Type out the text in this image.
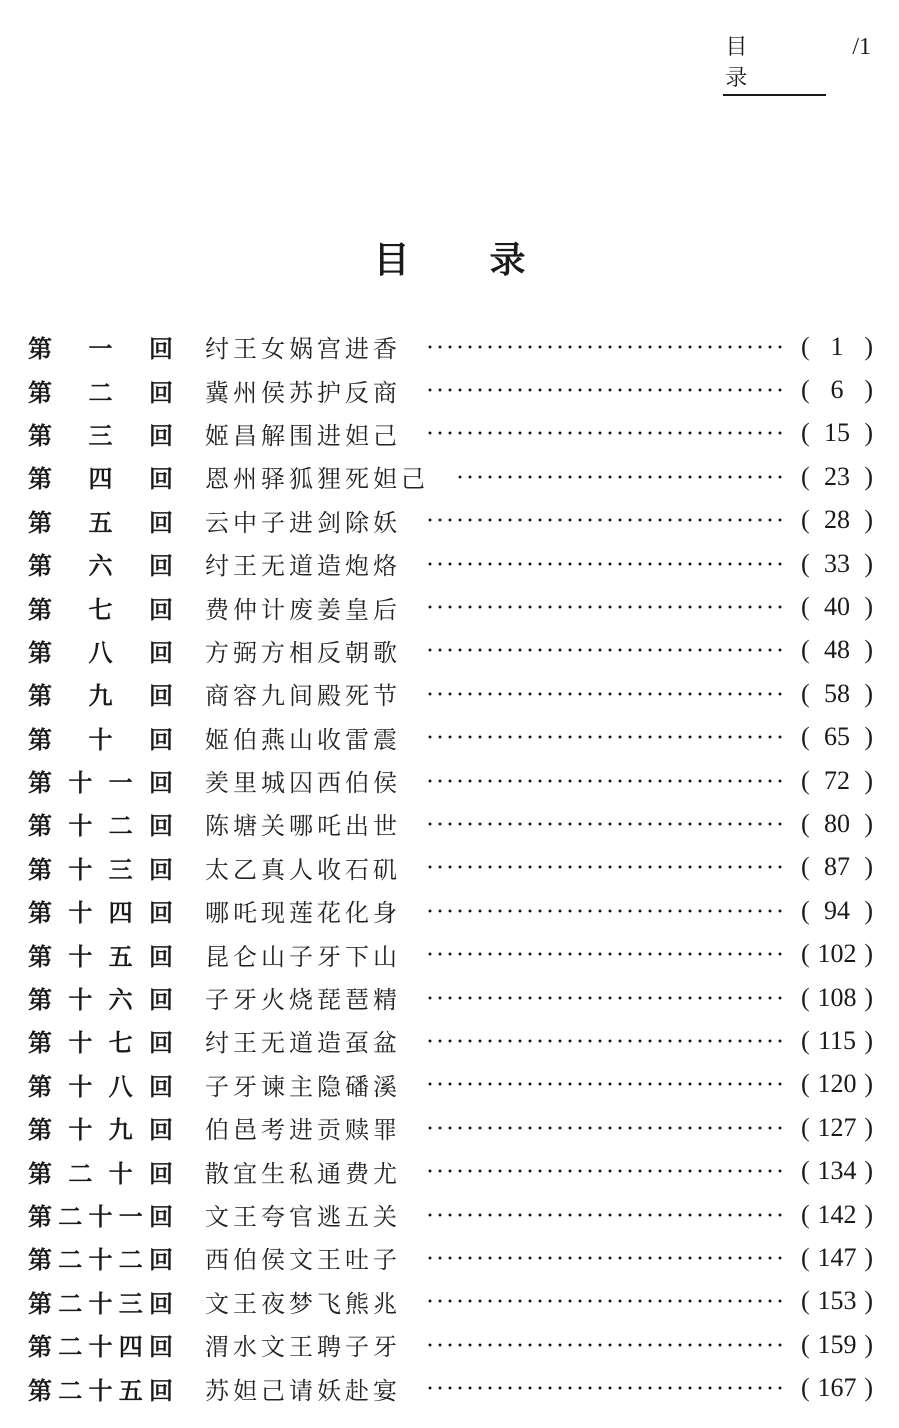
目 录
/1
目录
第 一 回 纣王女娲宫进香	( 1 )
第 二 回 冀州侯苏护反商	( 6 )
第 三 回 姬昌解围进妲己	( 15 )
第 四 回 恩州驿狐狸死妲己	( 23 )
第 五 回 云中子进剑除妖	( 28 )
第 六 回 纣王无道造炮烙	( 33 )
第 七 回 费仲计废姜皇后	( 40 )
第 八 回 方弼方相反朝歌	( 48 )
第 九 回 商容九间殿死节	( 58 )
第 十 回 姬伯燕山收雷震	( 65 )
第 十 一 回 羑里城囚西伯侯	( 72 )
第 十 二 回 陈塘关哪吒出世	( 80 )
第 十 三 回 太乙真人收石矶	( 87 )
第 十 四 回 哪吒现莲花化身	( 94 )
第 十 五 回 昆仑山子牙下山	( 102 )
第 十 六 回 子牙火烧琵琶精	( 108 )
第 十 七 回 纣王无道造虿盆	( 115 )
第 十 八 回 子牙谏主隐磻溪	( 120 )
第 十 九 回 伯邑考进贡赎罪	( 127 )
第 二 十 回 散宜生私通费尤	( 134 )
第 二 十 一 回 文王夸官逃五关	( 142 )
第 二 十 二 回 西伯侯文王吐子	( 147 )
第 二 十 三 回 文王夜梦飞熊兆	( 153 )
第 二 十 四 回 渭水文王聘子牙	( 159 )
第 二 十 五 回 苏妲己请妖赴宴	( 167 )
